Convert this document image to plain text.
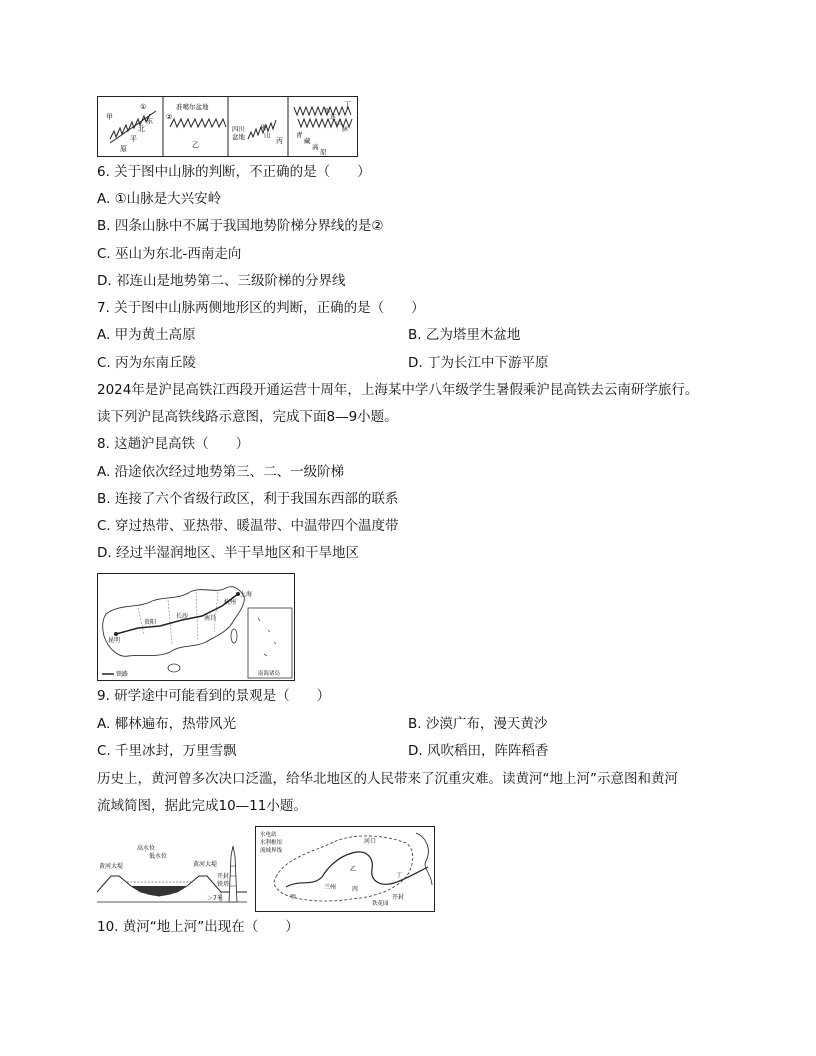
甲
①
东
北
平
原
②
准噶尔盆地
乙
四川
盆地
巫
山
丙
丁
祁
连
山
脉
青
藏
高
原
6. 关于图中山脉的判断，不正确的是（　　）
A. ①山脉是大兴安岭
B. 四条山脉中不属于我国地势阶梯分界线的是②
C. 巫山为东北-西南走向
D. 祁连山是地势第二、三级阶梯的分界线
7. 关于图中山脉两侧地形区的判断，正确的是（　　）
A. 甲为黄土高原	B. 乙为塔里木盆地
C. 丙为东南丘陵	D. 丁为长江中下游平原
2024年是沪昆高铁江西段开通运营十周年，上海某中学八年级学生暑假乘沪昆高铁去云南研学旅行。
读下列沪昆高铁线路示意图，完成下面8—9小题。
8. 这趟沪昆高铁（　　）
A. 沿途依次经过地势第三、二、一级阶梯
B. 连接了六个省级行政区，利于我国东西部的联系
C. 穿过热带、亚热带、暖温带、中温带四个温度带
D. 经过半湿润地区、半干旱地区和干旱地区
上海
杭州
南昌
长沙
贵阳
昆明
铁路	南海诸岛
9. 研学途中可能看到的景观是（　　）
A. 椰林遍布，热带风光	B. 沙漠广布，漫天黄沙
C. 千里冰封，万里雪飘	D. 风吹稻田，阵阵稻香
历史上，黄河曾多次决口泛滥，给华北地区的人民带来了沉重灾难。读黄河“地上河”示意图和黄河
流域简图，据此完成10—11小题。
高水位
低水位
黄河大堤	黄河大堤
开封
铁塔
＞7米
水电站
水利枢纽
流域界线
河口
乙
甲
兰州	丙
丁
开封
铁花园
10. 黄河“地上河”出现在（　　）
